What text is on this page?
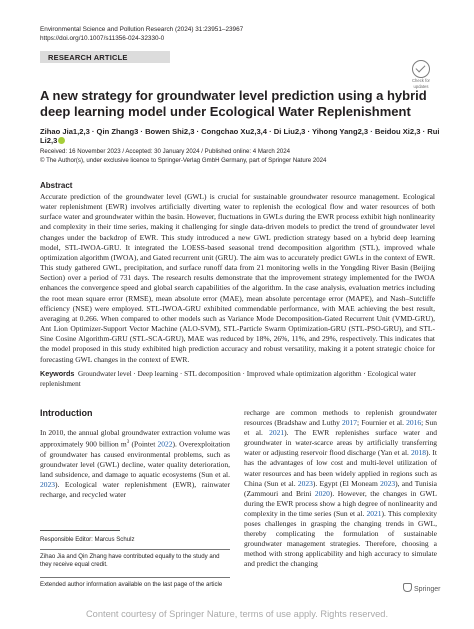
Environmental Science and Pollution Research (2024) 31:23951–23967
https://doi.org/10.1007/s11356-024-32330-0
RESEARCH ARTICLE
Check for
updates
A new strategy for groundwater level prediction using a hybrid deep learning model under Ecological Water Replenishment
Zihao Jia1,2,3 · Qin Zhang3 · Bowen Shi2,3 · Congchao Xu2,3,4 · Di Liu2,3 · Yihong Yang2,3 · Beidou Xi2,3 · Rui Li2,3
Received: 16 November 2023 / Accepted: 30 January 2024 / Published online: 4 March 2024
© The Author(s), under exclusive licence to Springer-Verlag GmbH Germany, part of Springer Nature 2024
Abstract
Accurate prediction of the groundwater level (GWL) is crucial for sustainable groundwater resource management. Ecological water replenishment (EWR) involves artificially diverting water to replenish the ecological flow and water resources of both surface water and groundwater within the basin. However, fluctuations in GWLs during the EWR process exhibit high nonlinearity and complexity in their time series, making it challenging for single data-driven models to predict the trend of groundwater level changes under the backdrop of EWR. This study introduced a new GWL prediction strategy based on a hybrid deep learning model, STL-IWOA-GRU. It integrated the LOESS-based seasonal trend decomposition algorithm (STL), improved whale optimization algorithm (IWOA), and Gated recurrent unit (GRU). The aim was to accurately predict GWLs in the context of EWR. This study gathered GWL, precipitation, and surface runoff data from 21 monitoring wells in the Yongding River Basin (Beijing Section) over a period of 731 days. The research results demonstrate that the improvement strategy implemented for the IWOA enhances the convergence speed and global search capabilities of the algorithm. In the case analysis, evaluation metrics including the root mean square error (RMSE), mean absolute error (MAE), mean absolute percentage error (MAPE), and Nash–Sutcliffe efficiency (NSE) were employed. STL-IWOA-GRU exhibited commendable performance, with MAE achieving the best result, averaging at 0.266. When compared to other models such as Variance Mode Decomposition-Gated Recurrent Unit (VMD-GRU), Ant Lion Optimizer-Support Vector Machine (ALO-SVM), STL-Particle Swarm Optimization-GRU (STL-PSO-GRU), and STL-Sine Cosine Algorithm-GRU (STL-SCA-GRU), MAE was reduced by 18%, 26%, 11%, and 29%, respectively. This indicates that the model proposed in this study exhibited high prediction accuracy and robust versatility, making it a potent strategic choice for forecasting GWL changes in the context of EWR.
Keywords Groundwater level · Deep learning · STL decomposition · Improved whale optimization algorithm · Ecological water replenishment
Introduction
In 2010, the annual global groundwater extraction volume was approximately 900 billion $m^3$ (Pointet 2022). Overexploitation of groundwater has caused environmental problems, such as groundwater level (GWL) decline, water quality deterioration, land subsidence, and damage to aquatic ecosystems (Sun et al. 2023). Ecological water replenishment (EWR), rainwater recharge, and recycled water
recharge are common methods to replenish groundwater resources (Bradshaw and Luthy 2017; Fournier et al. 2016; Sun et al. 2021). The EWR replenishes surface water and groundwater in water-scarce areas by artificially transferring water or adjusting reservoir flood discharge (Yan et al. 2018). It has the advantages of low cost and multi-level utilization of water resources and has been widely applied in regions such as China (Sun et al. 2023). Egypt (El Moneam 2023), and Tunisia (Zammouri and Brini 2020). However, the changes in GWL during the EWR process show a high degree of nonlinearity and complexity in the time series (Sun et al. 2021). This complexity poses challenges in grasping the changing trends in GWL, thereby complicating the formulation of sustainable groundwater management strategies. Therefore, choosing a method with strong applicability and high accuracy to simulate and predict the changing
Responsible Editor: Marcus Schulz
Zihao Jia and Qin Zhang have contributed equally to the study and they receive equal credit.
Extended author information available on the last page of the article
Springer
Content courtesy of Springer Nature, terms of use apply. Rights reserved.
